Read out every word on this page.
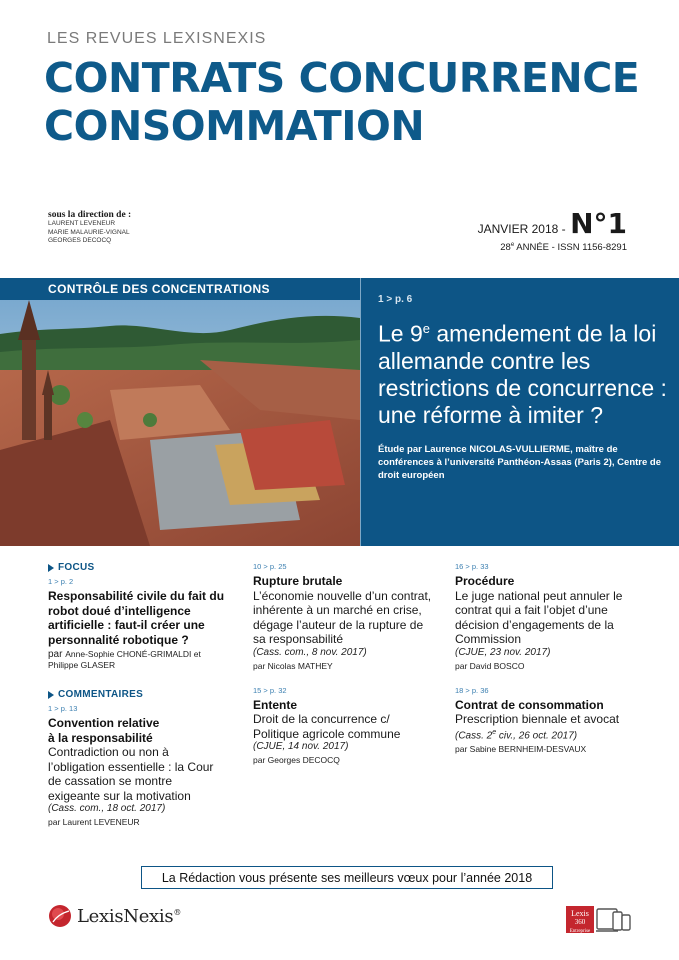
LES REVUES LEXISNEXIS
CONTRATS CONCURRENCE
CONSOMMATION
sous la direction de :
LAURENT LEVENEUR
MARIE MALAURIE-VIGNAL
GEORGES DECOCQ
JANVIER 2018 - N°1
28e ANNÉE - ISSN 1156-8291
CONTRÔLE DES CONCENTRATIONS
1 > p. 6
Le 9e amendement de la loi allemande contre les restrictions de concurrence : une réforme à imiter ?
Étude par Laurence NICOLAS-VULLIERME, maître de conférences à l’université Panthéon-Assas (Paris 2), Centre de droit européen
FOCUS
1 > p. 2
Responsabilité civile du fait du robot doué d’intelligence artificielle : faut-il créer une personnalité robotique ?
par Anne-Sophie CHONÉ-GRIMALDI et Philippe GLASER
COMMENTAIRES
1 > p. 13
Convention relative à la responsabilité
Contradiction ou non à l’obligation essentielle : la Cour de cassation se montre exigeante sur la motivation
(Cass. com., 18 oct. 2017)
par Laurent LEVENEUR
10 > p. 25
Rupture brutale
L’économie nouvelle d’un contrat, inhérente à un marché en crise, dégage l’auteur de la rupture de sa responsabilité
(Cass. com., 8 nov. 2017)
par Nicolas MATHEY
15 > p. 32
Entente
Droit de la concurrence c/ Politique agricole commune
(CJUE, 14 nov. 2017)
par Georges DECOCQ
16 > p. 33
Procédure
Le juge national peut annuler le contrat qui a fait l’objet d’une décision d’engagements de la Commission
(CJUE, 23 nov. 2017)
par David BOSCO
18 > p. 36
Contrat de consommation
Prescription biennale et avocat
(Cass. 2e civ., 26 oct. 2017)
par Sabine BERNHEIM-DESVAUX
La Rédaction vous présente ses meilleurs vœux pour l’année 2018
LexisNexis®	Lexis
360
Entreprise
